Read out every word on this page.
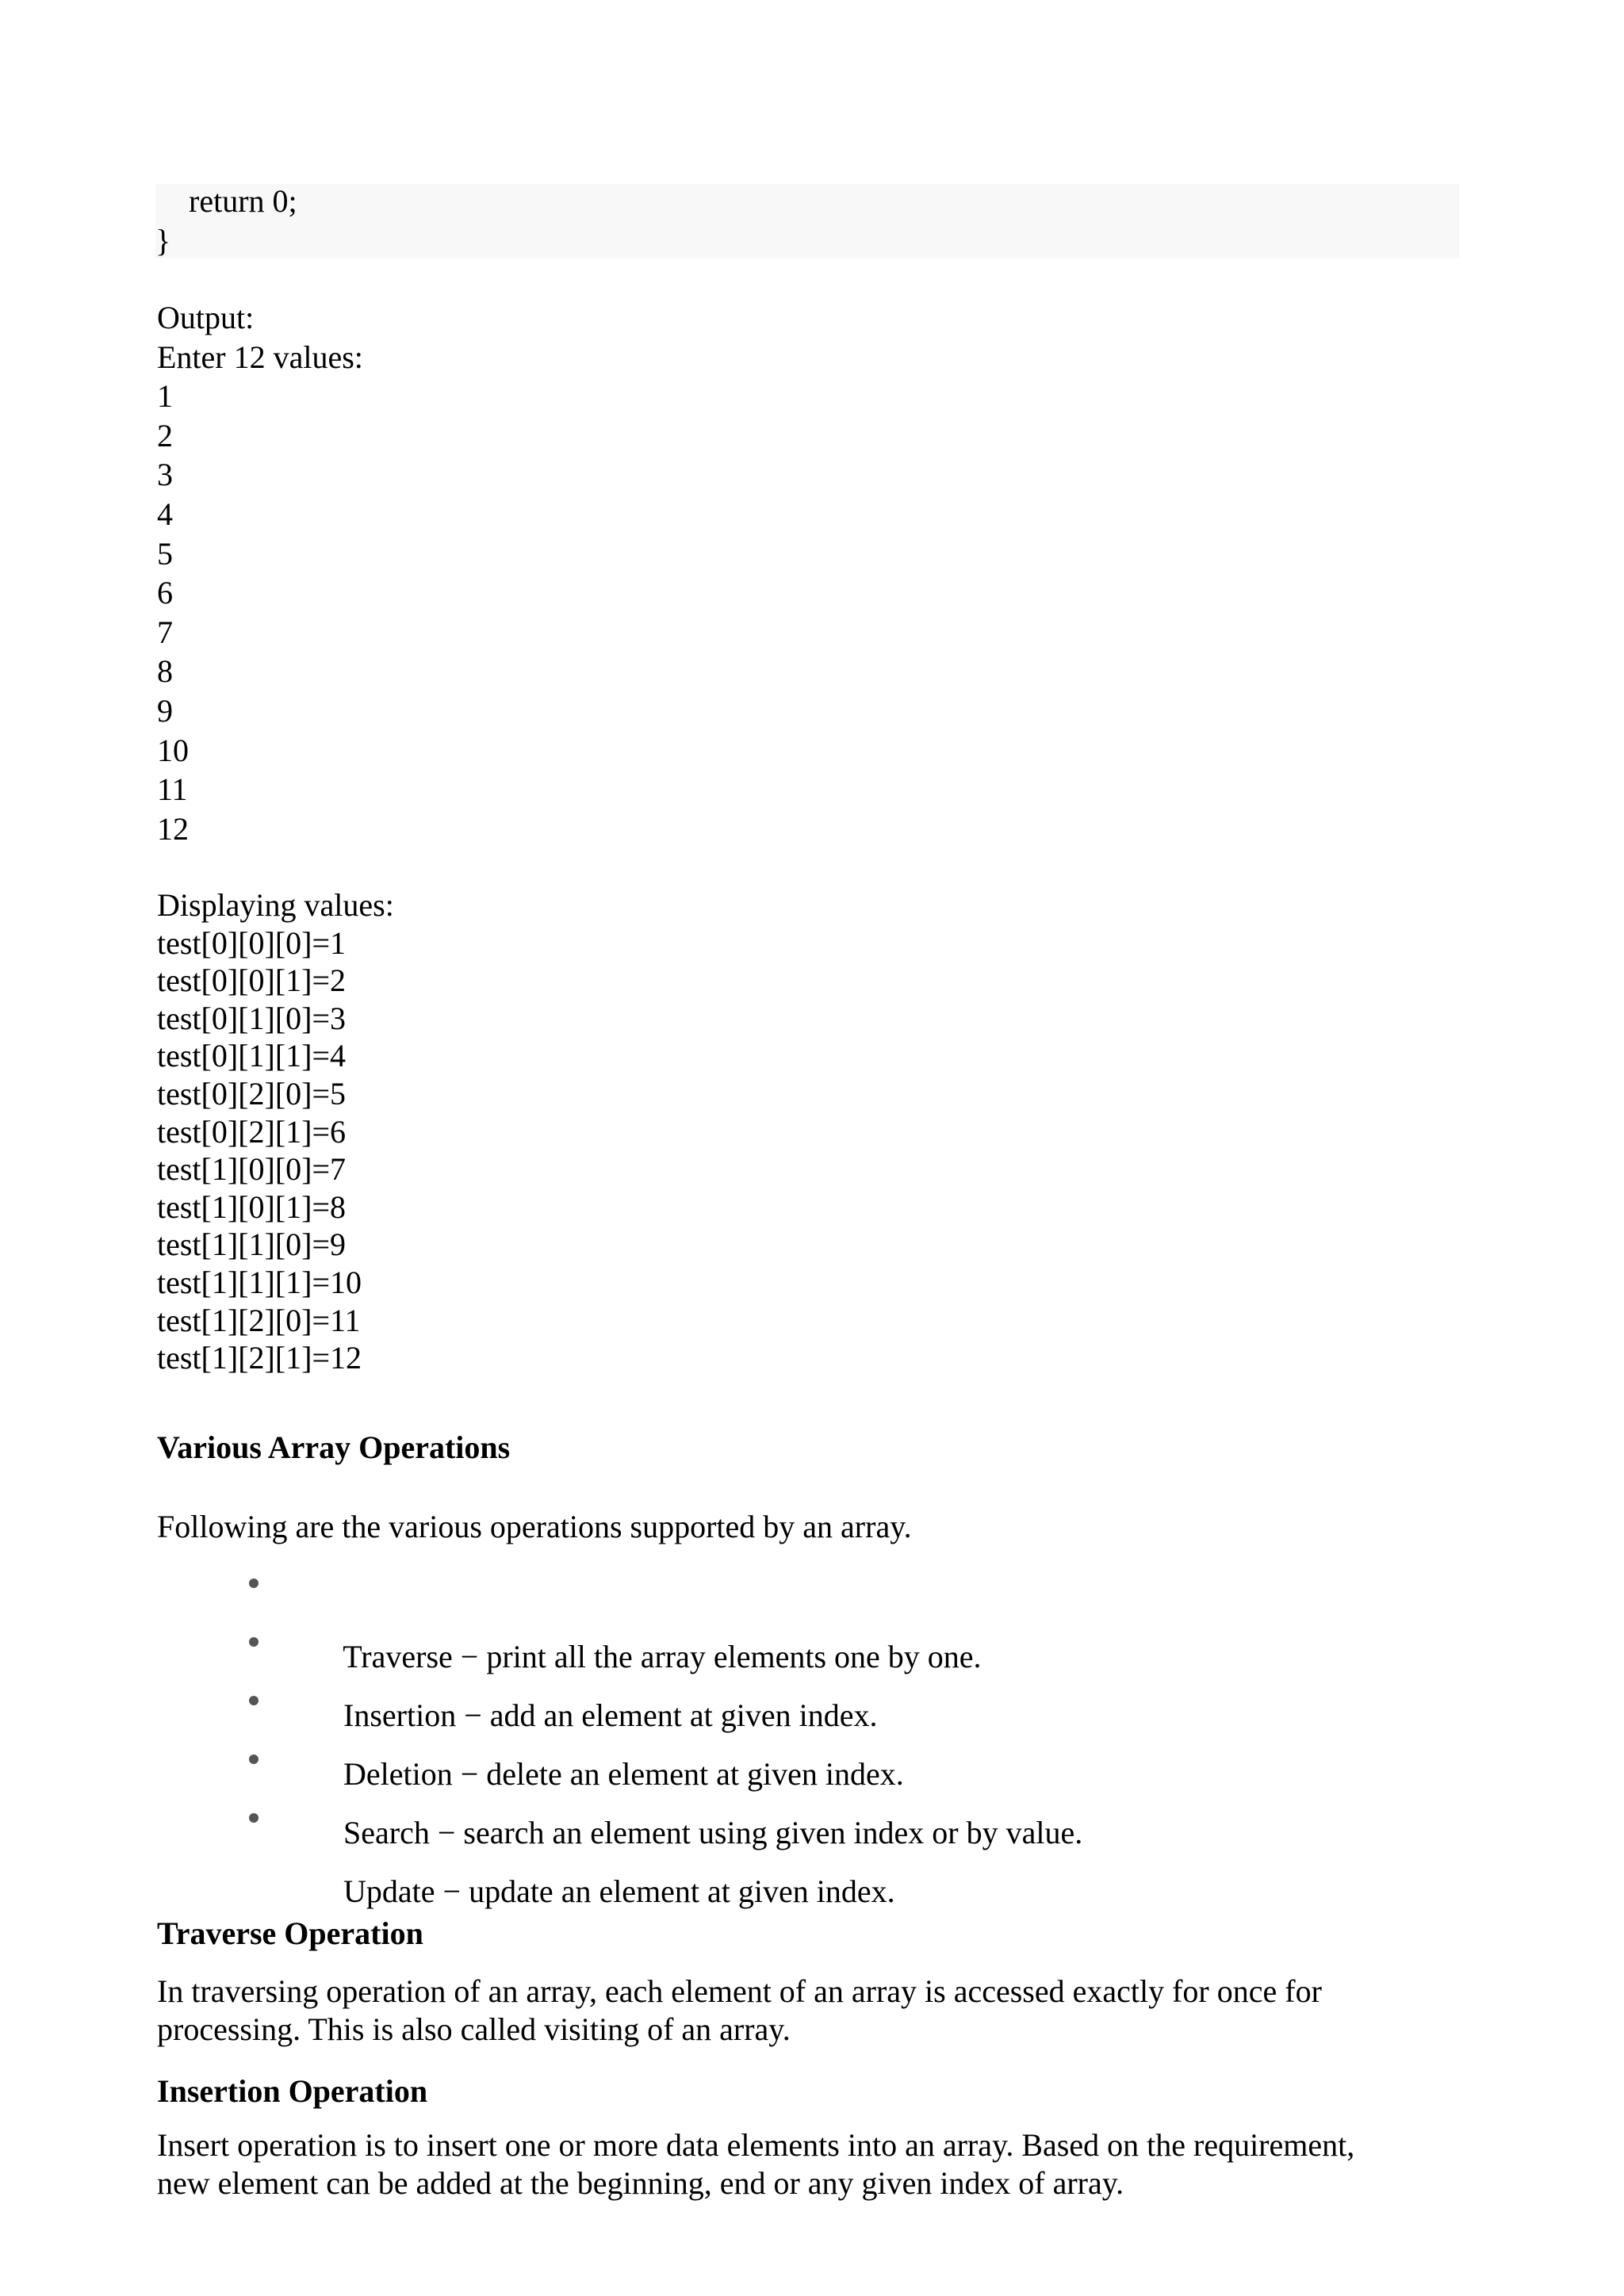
return 0;
}
Output:
Enter 12 values:
1
2
3
4
5
6
7
8
9
10
11
12
Displaying values:
test[0][0][0]=1
test[0][0][1]=2
test[0][1][0]=3
test[0][1][1]=4
test[0][2][0]=5
test[0][2][1]=6
test[1][0][0]=7
test[1][0][1]=8
test[1][1][0]=9
test[1][1][1]=10
test[1][2][0]=11
test[1][2][1]=12
Various Array Operations
Following are the various operations supported by an array.

Traverse − print all the array elements one by one.

Insertion − add an element at given index.

Deletion − delete an element at given index.

Search − search an element using given index or by value.

Update − update an element at given index.

Traverse Operation
In traversing operation of an array, each element of an array is accessed exactly for once for
processing. This is also called visiting of an array.
Insertion Operation
Insert operation is to insert one or more data elements into an array. Based on the requirement,
new element can be added at the beginning, end or any given index of array.
